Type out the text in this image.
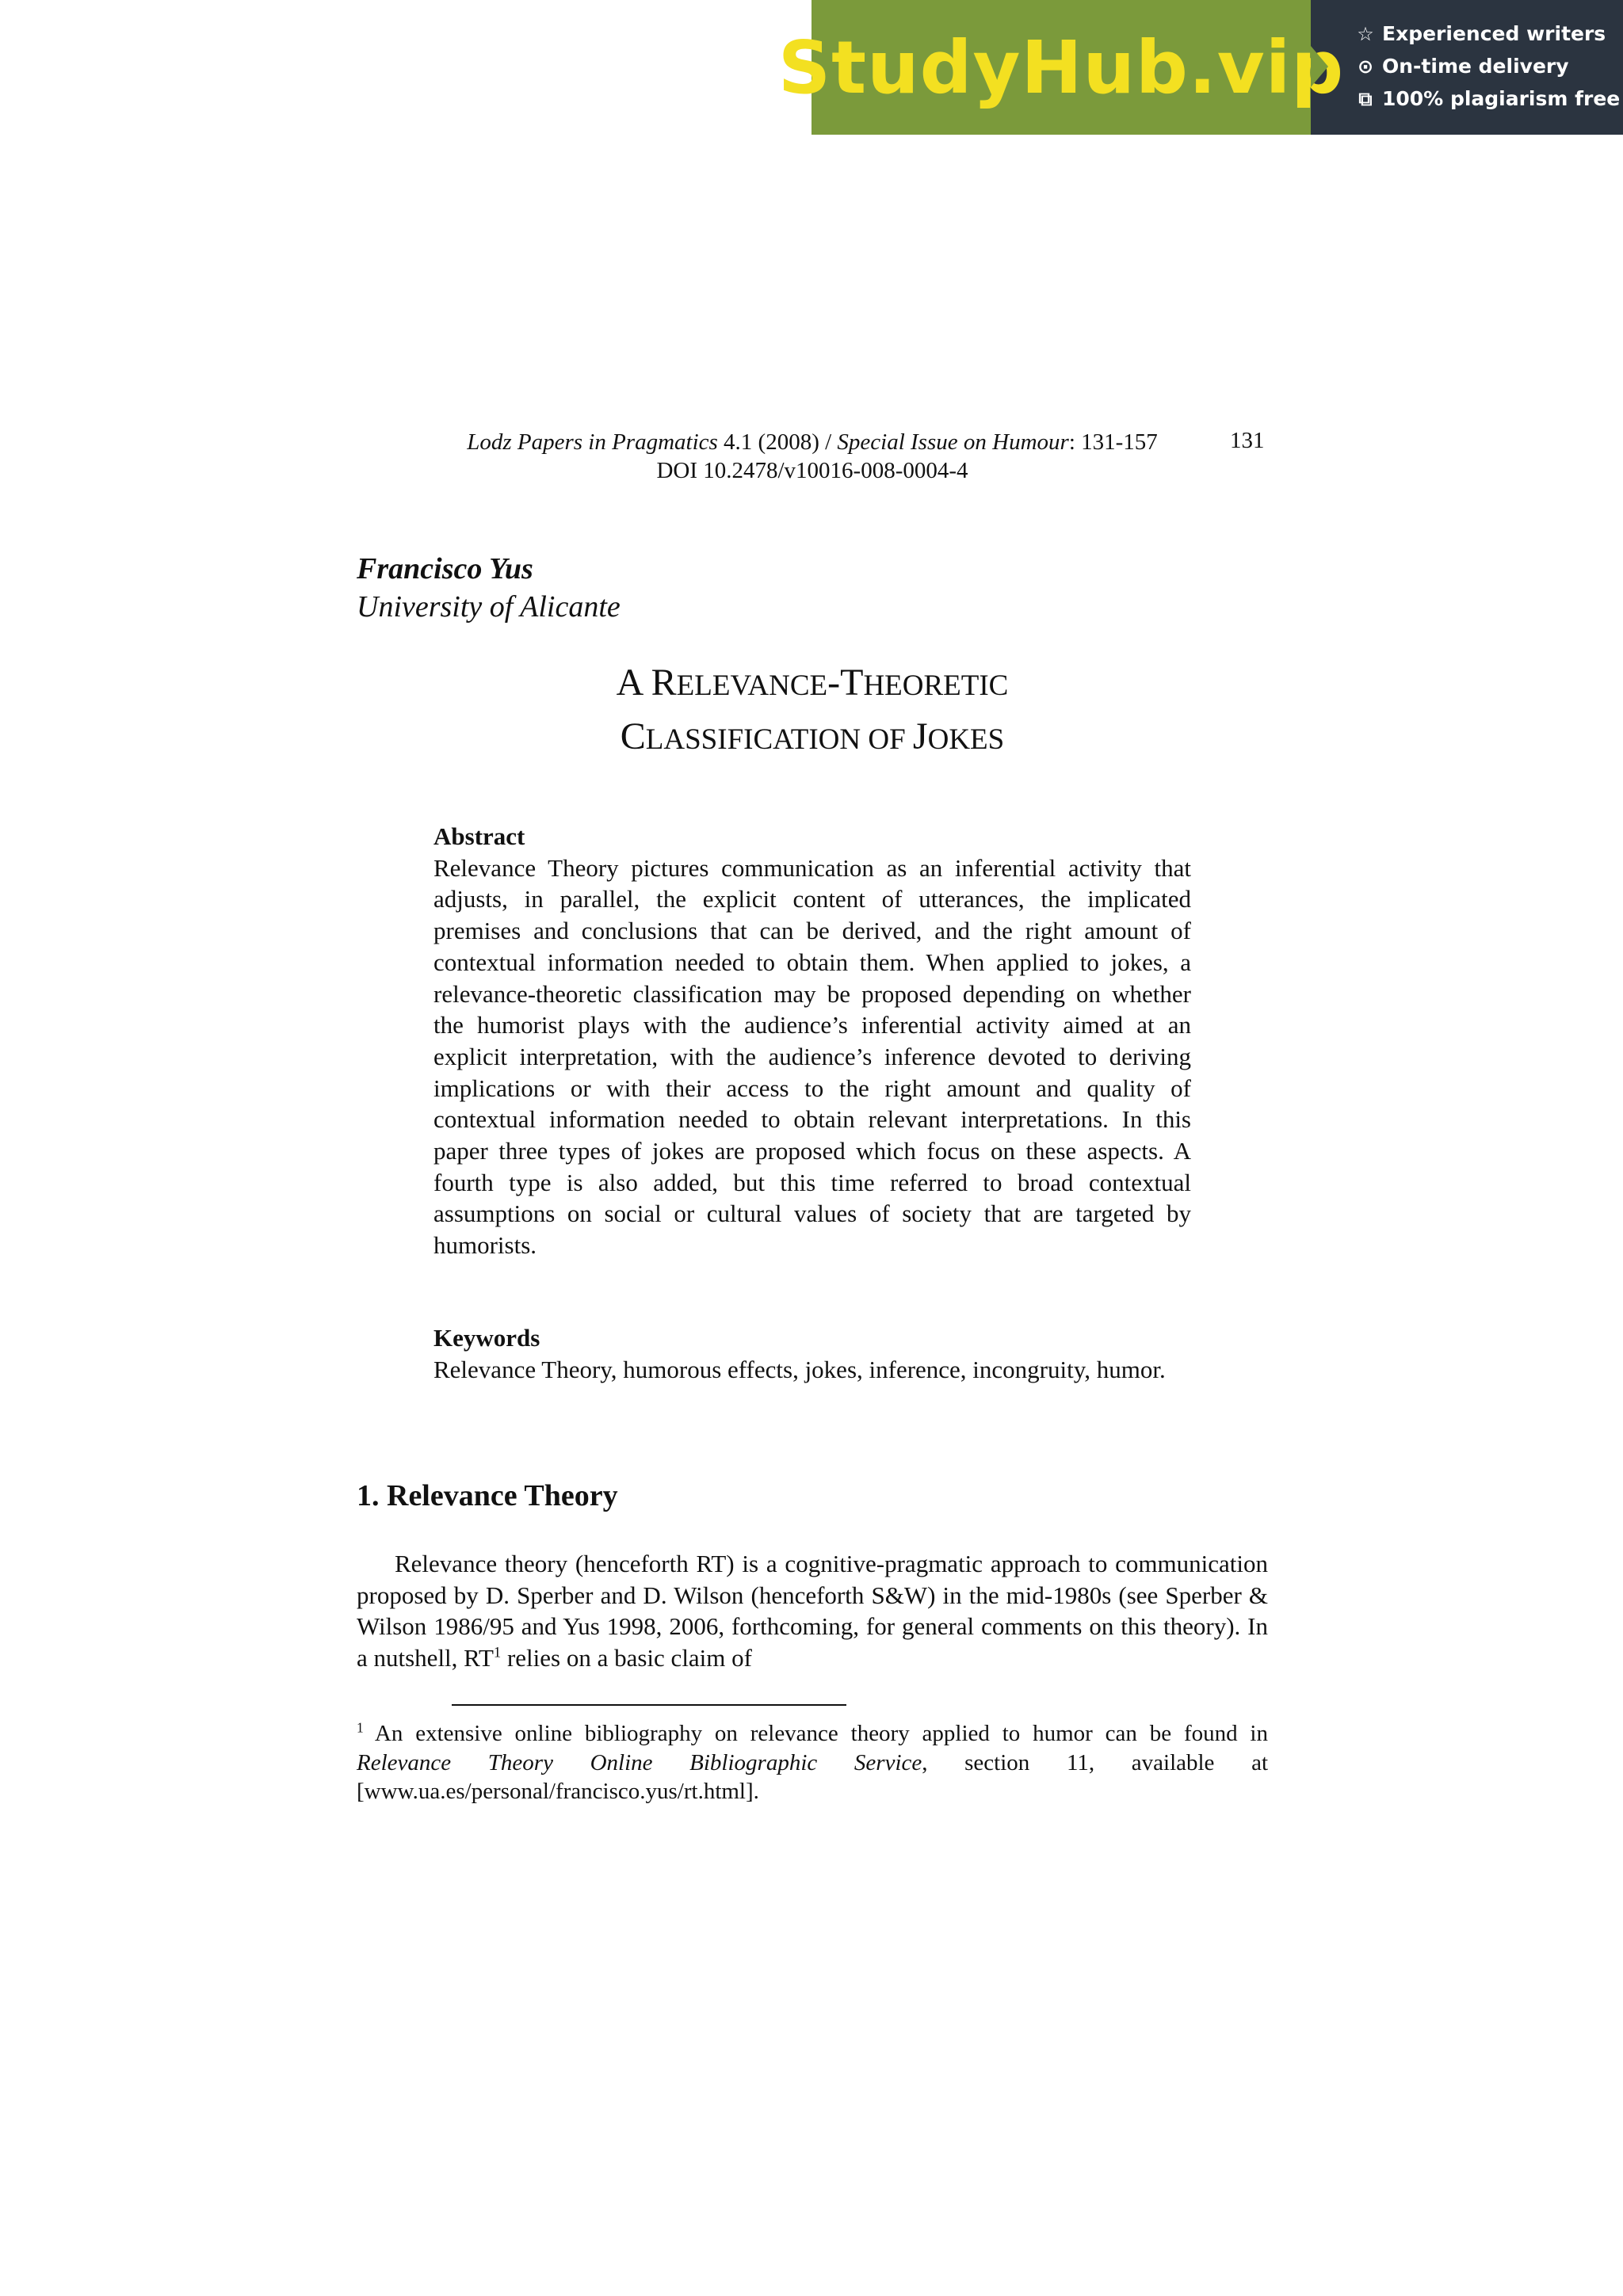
StudyHub.vip ☆ Experienced writers
⊙ On-time delivery
⧉ 100% plagiarism free
Lodz Papers in Pragmatics 4.1 (2008) / Special Issue on Humour: 131-157
DOI 10.2478/v10016-008-0004-4
131
Francisco Yus
University of Alicante
A RELEVANCE-THEORETIC
CLASSIFICATION OF JOKES
Abstract

Relevance Theory pictures communication as an inferential activity that adjusts, in parallel, the explicit content of utterances, the implicated premises and conclusions that can be derived, and the right amount of contextual information needed to obtain them. When applied to jokes, a relevance-theoretic classification may be proposed depending on whether the humorist plays with the audience’s inferential activity aimed at an explicit interpretation, with the audience’s inference devoted to deriving implications or with their access to the right amount and quality of contextual information needed to obtain relevant interpretations. In this paper three types of jokes are proposed which focus on these aspects. A fourth type is also added, but this time referred to broad contextual assumptions on social or cultural values of society that are targeted by humorists.

Keywords

Relevance Theory, humorous effects, jokes, inference, incongruity, humor.

1. Relevance Theory

Relevance theory (henceforth RT) is a cognitive-pragmatic approach to communication proposed by D. Sperber and D. Wilson (henceforth S&W) in the mid-1980s (see Sperber & Wilson 1986/95 and Yus 1998, 2006, forthcoming, for general comments on this theory). In a nutshell, $RT^1$ relies on a basic claim of

$^1$ An extensive online bibliography on relevance theory applied to humor can be found in Relevance Theory Online Bibliographic Service, section 11, available at [www.ua.es/personal/francisco.yus/rt.html].
